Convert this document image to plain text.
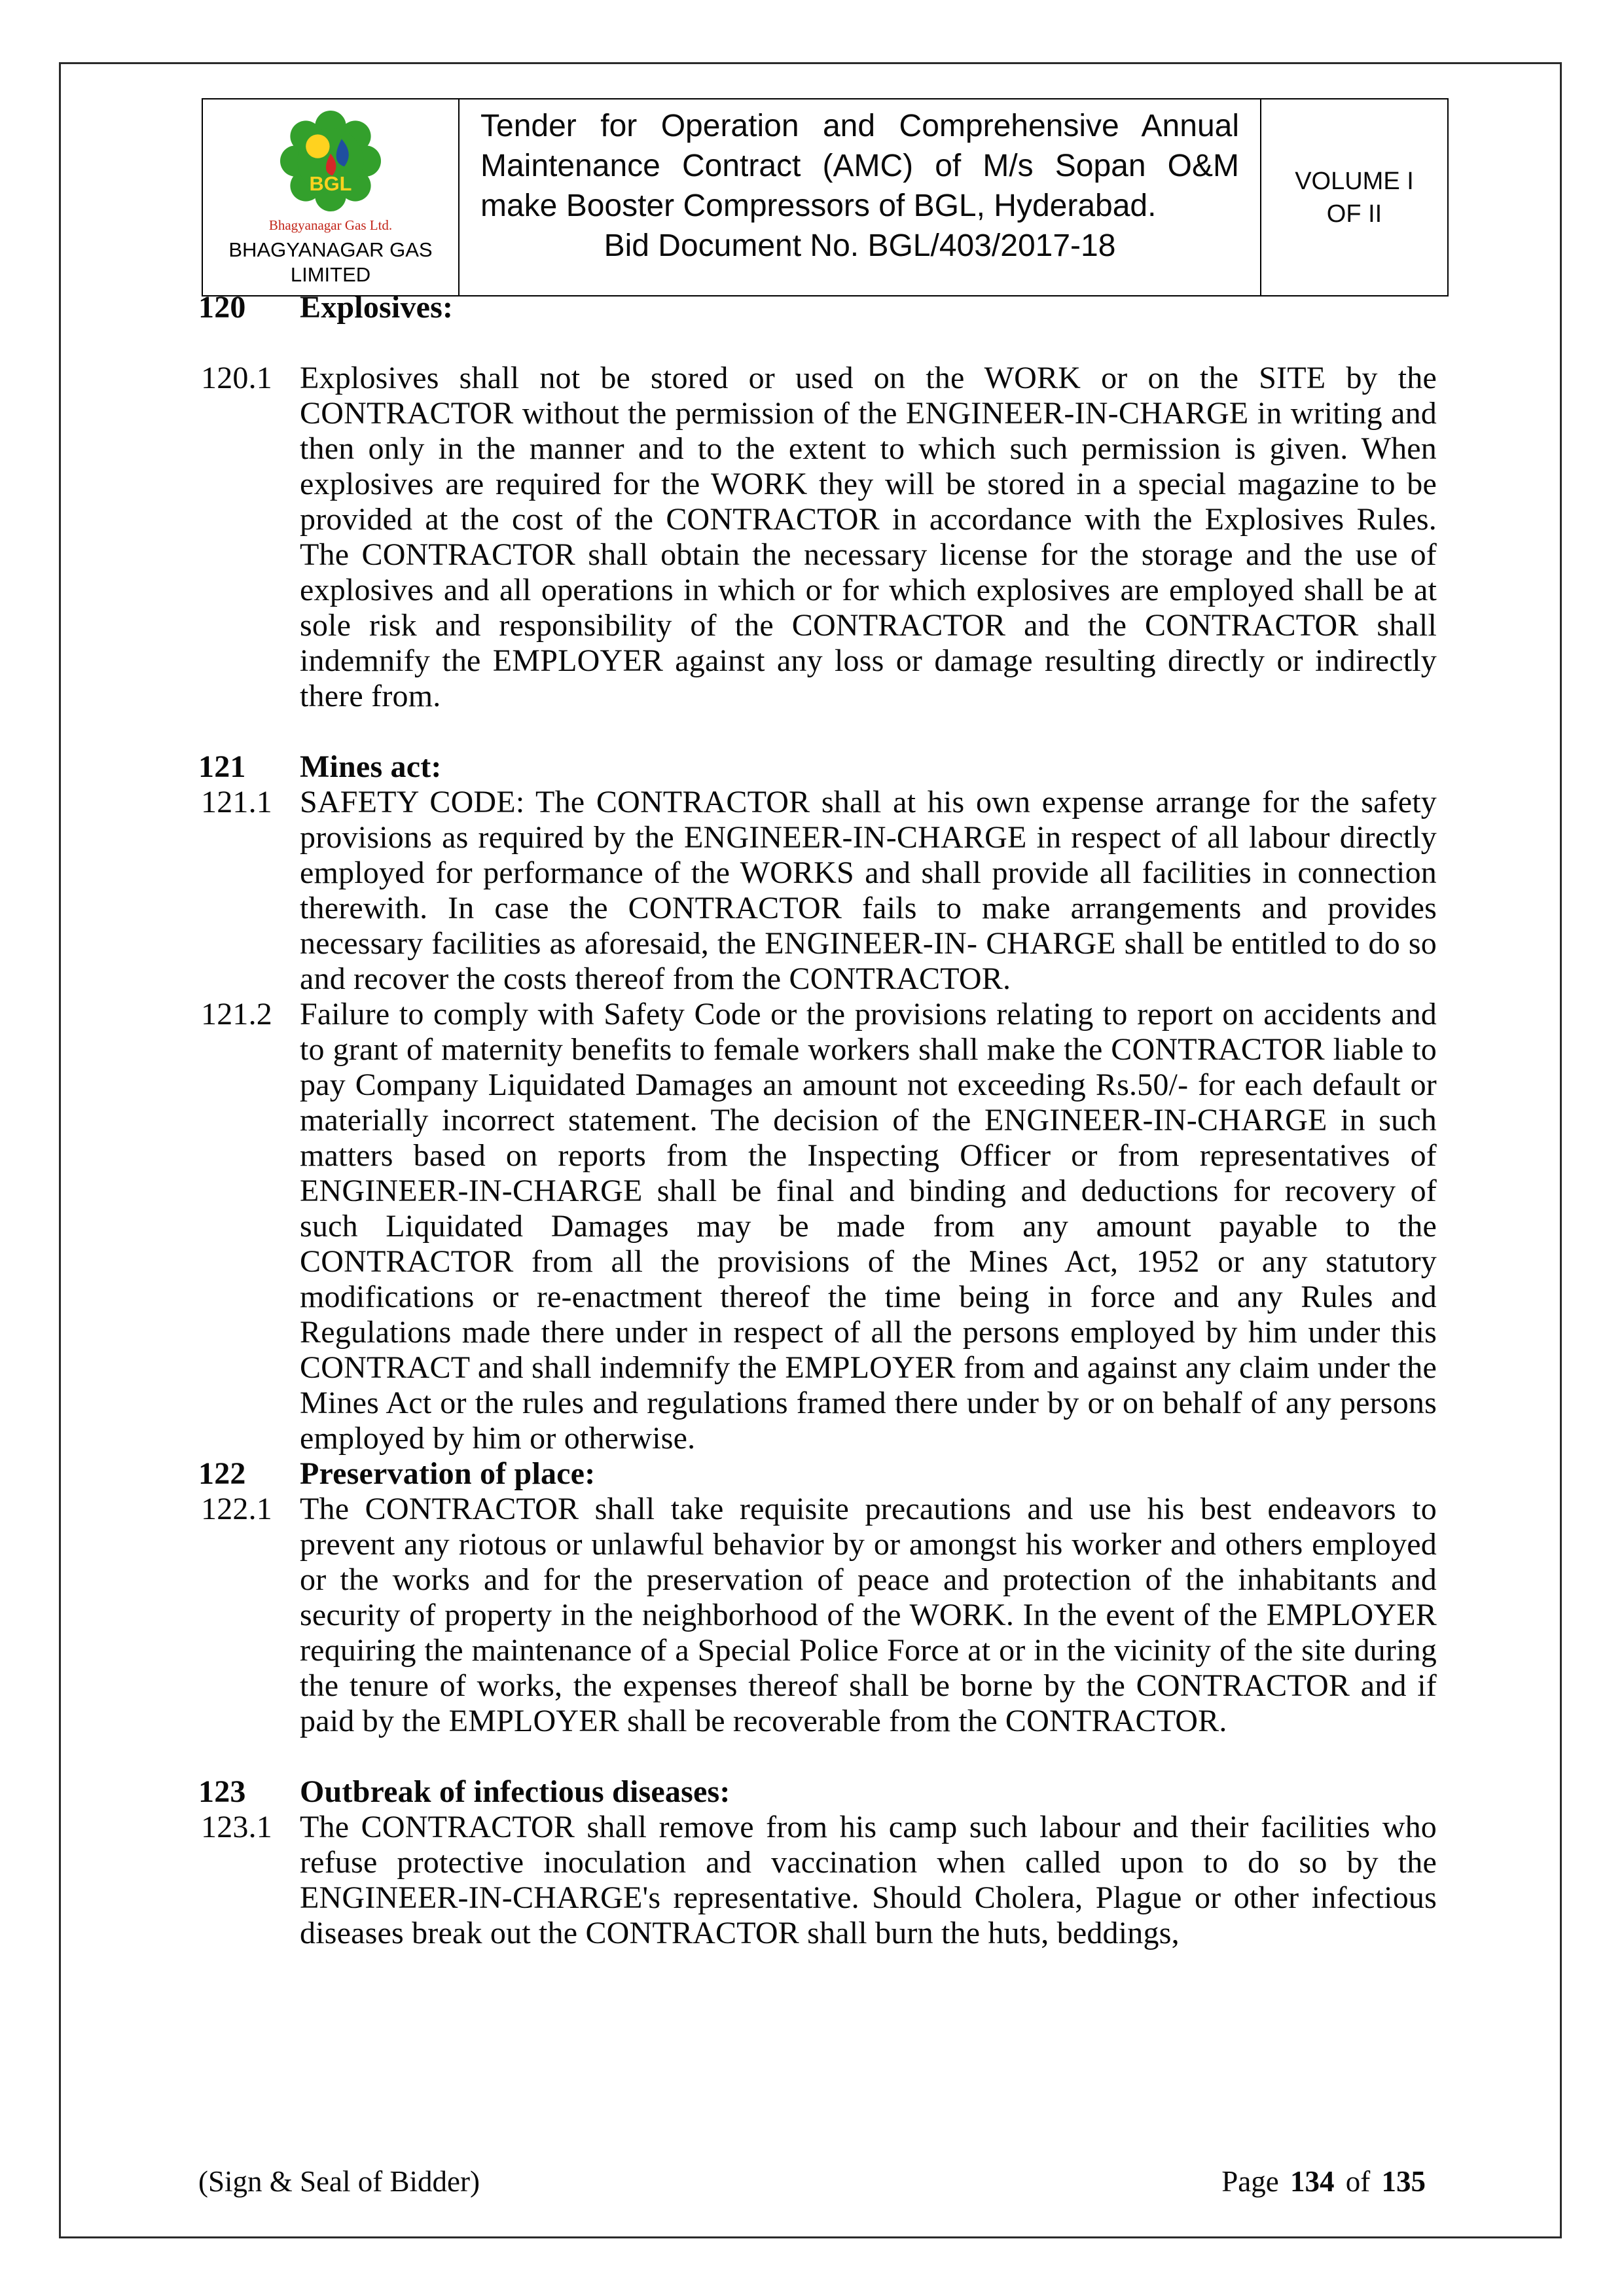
BGL
Bhagyanagar Gas Ltd.
BHAGYANAGAR GAS LIMITED
Tender for Operation and Comprehensive Annual Maintenance Contract (AMC) of M/s Sopan O&M make Booster Compressors of BGL, Hyderabad.
Bid Document No. BGL/403/2017-18
VOLUME I
OF II
120 Explosives:
120.1 Explosives shall not be stored or used on the WORK or on the SITE by the CONTRACTOR without the permission of the ENGINEER-IN-CHARGE in writing and then only in the manner and to the extent to which such permission is given. When explosives are required for the WORK they will be stored in a special magazine to be provided at the cost of the CONTRACTOR in accordance with the Explosives Rules. The CONTRACTOR shall obtain the necessary license for the storage and the use of explosives and all operations in which or for which explosives are employed shall be at sole risk and responsibility of the CONTRACTOR and the CONTRACTOR shall indemnify the EMPLOYER against any loss or damage resulting directly or indirectly there from.
121 Mines act:
121.1 SAFETY CODE: The CONTRACTOR shall at his own expense arrange for the safety provisions as required by the ENGINEER-IN-CHARGE in respect of all labour directly employed for performance of the WORKS and shall provide all facilities in connection therewith. In case the CONTRACTOR fails to make arrangements and provides necessary facilities as aforesaid, the ENGINEER-IN- CHARGE shall be entitled to do so and recover the costs thereof from the CONTRACTOR.
121.2 Failure to comply with Safety Code or the provisions relating to report on accidents and to grant of maternity benefits to female workers shall make the CONTRACTOR liable to pay Company Liquidated Damages an amount not exceeding Rs.50/- for each default or materially incorrect statement. The decision of the ENGINEER-IN-CHARGE in such matters based on reports from the Inspecting Officer or from representatives of ENGINEER-IN-CHARGE shall be final and binding and deductions for recovery of such Liquidated Damages may be made from any amount payable to the CONTRACTOR from all the provisions of the Mines Act, 1952 or any statutory modifications or re-enactment thereof the time being in force and any Rules and Regulations made there under in respect of all the persons employed by him under this CONTRACT and shall indemnify the EMPLOYER from and against any claim under the Mines Act or the rules and regulations framed there under by or on behalf of any persons employed by him or otherwise.
122 Preservation of place:
122.1 The CONTRACTOR shall take requisite precautions and use his best endeavors to prevent any riotous or unlawful behavior by or amongst his worker and others employed or the works and for the preservation of peace and protection of the inhabitants and security of property in the neighborhood of the WORK. In the event of the EMPLOYER requiring the maintenance of a Special Police Force at or in the vicinity of the site during the tenure of works, the expenses thereof shall be borne by the CONTRACTOR and if paid by the EMPLOYER shall be recoverable from the CONTRACTOR.
123 Outbreak of infectious diseases:
123.1 The CONTRACTOR shall remove from his camp such labour and their facilities who refuse protective inoculation and vaccination when called upon to do so by the ENGINEER-IN-CHARGE's representative. Should Cholera, Plague or other infectious diseases break out the CONTRACTOR shall burn the huts, beddings,
(Sign & Seal of Bidder)	Page 134 of 135
